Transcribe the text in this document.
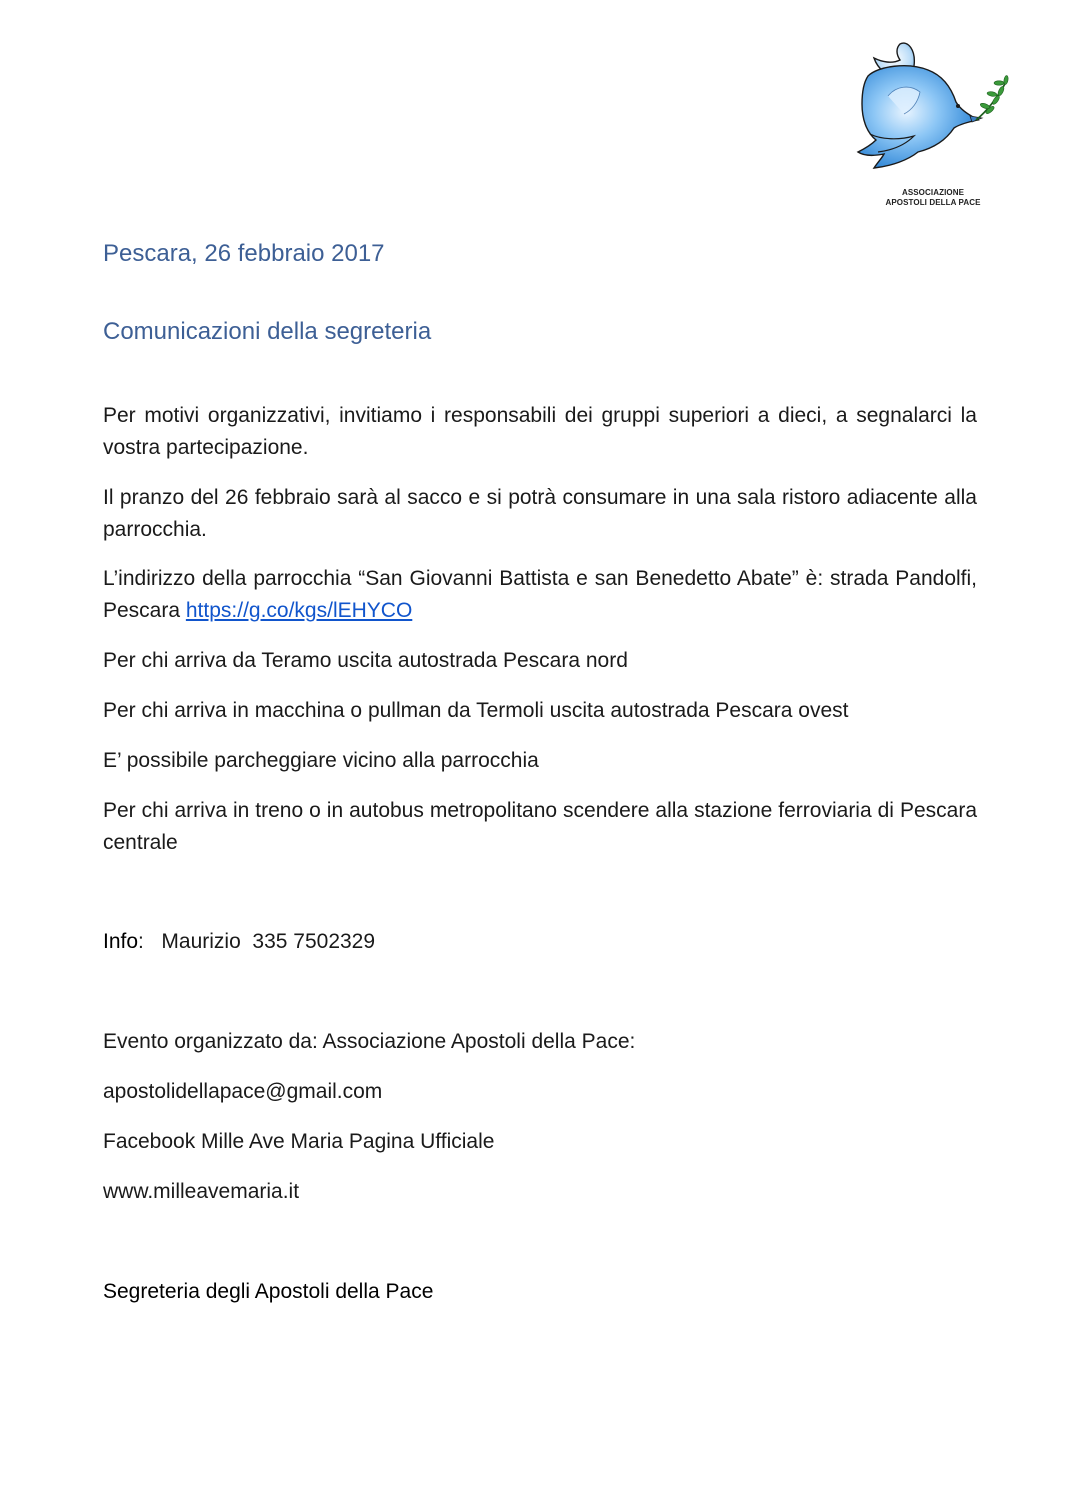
ASSOCIAZIONE
APOSTOLI DELLA PACE
Pescara, 26 febbraio 2017
Comunicazioni della segreteria

Per motivi organizzativi, invitiamo i responsabili dei gruppi superiori a dieci, a segnalarci la vostra partecipazione.

Il pranzo del 26 febbraio sarà al sacco e si potrà consumare in una sala ristoro adiacente alla parrocchia.

L’indirizzo della parrocchia “San Giovanni Battista e san Benedetto Abate” è: strada Pandolfi, Pescara https://g.co/kgs/lEHYCO

Per chi arriva da Teramo uscita autostrada Pescara nord

Per chi arriva in macchina o pullman da Termoli uscita autostrada Pescara ovest

E’ possibile parcheggiare vicino alla parrocchia

Per chi arriva in treno o in autobus metropolitano scendere alla stazione ferroviaria di Pescara centrale

Info: Maurizio  335 7502329

Evento organizzato da: Associazione Apostoli della Pace:

apostolidellapace@gmail.com

Facebook Mille Ave Maria Pagina Ufficiale

www.milleavemaria.it

Segreteria degli Apostoli della Pace
